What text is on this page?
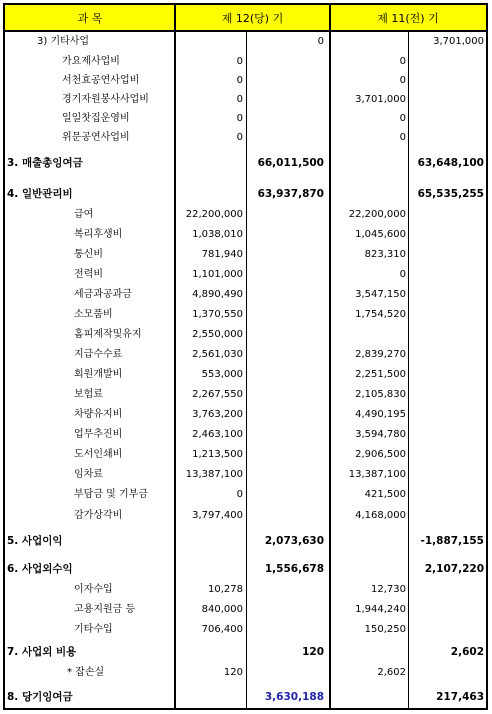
과 목	제 12(당) 기	제 11(전) 기
3) 기타사업	0	3,701,000
가요제사업비	0	0
서천효공연사업비	0	0
경기자원봉사사업비	0	3,701,000
일일찻집운영비	0	0
위문공연사업비	0	0
3. 매출총잉여금	66,011,500	63,648,100
4. 일반관리비	63,937,870	65,535,255
급여	22,200,000	22,200,000
복리후생비	1,038,010	1,045,600
통신비	781,940	823,310
전력비	1,101,000	0
세금과공과금	4,890,490	3,547,150
소모품비	1,370,550	1,754,520
홈피제작및유지	2,550,000
지급수수료	2,561,030	2,839,270
회원개발비	553,000	2,251,500
보험료	2,267,550	2,105,830
차량유지비	3,763,200	4,490,195
업무추진비	2,463,100	3,594,780
도서인쇄비	1,213,500	2,906,500
임차료	13,387,100	13,387,100
부담금 및 기부금	0	421,500
감가상각비	3,797,400	4,168,000
5. 사업이익	2,073,630	-1,887,155
6. 사업외수익	1,556,678	2,107,220
이자수입	10,278	12,730
고용지원금 등	840,000	1,944,240
기타수입	706,400	150,250
7. 사업외 비용	120	2,602
* 잡손실	120	2,602
8. 당기잉여금	3,630,188	217,463
